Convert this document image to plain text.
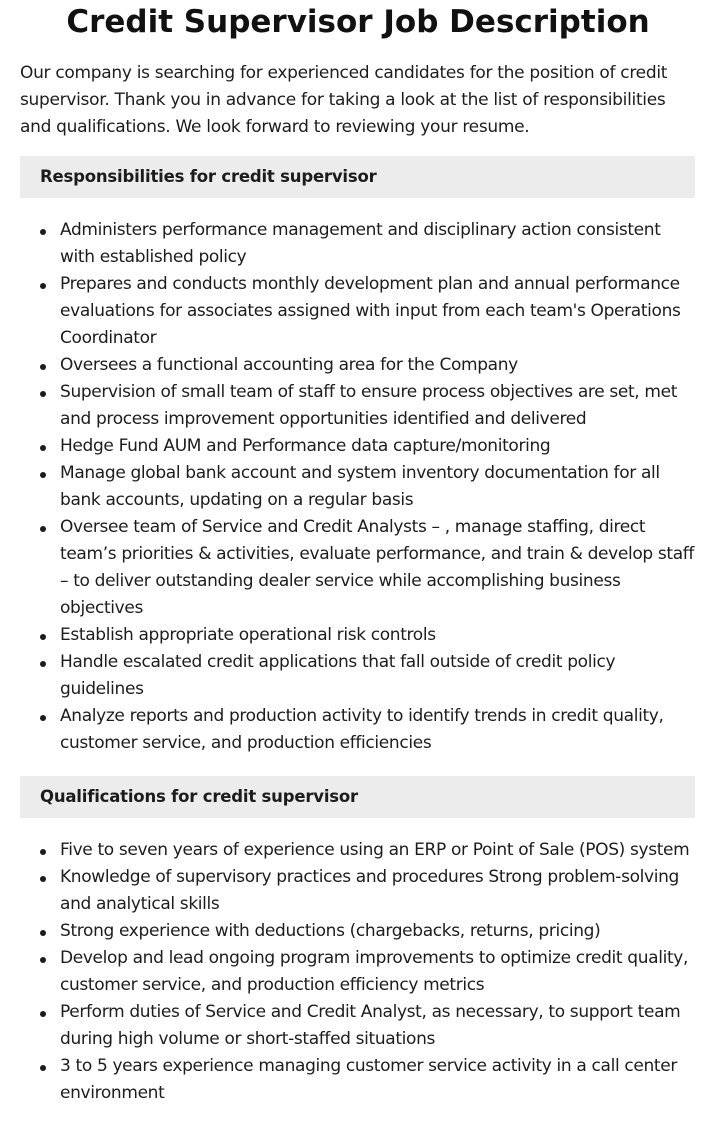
Credit Supervisor Job Description

Our company is searching for experienced candidates for the position of credit supervisor. Thank you in advance for taking a look at the list of responsibilities and qualifications. We look forward to reviewing your resume.

Responsibilities for credit supervisor
Administers performance management and disciplinary action consistent with established policy
Prepares and conducts monthly development plan and annual performance evaluations for associates assigned with input from each team's Operations Coordinator
Oversees a functional accounting area for the Company
Supervision of small team of staff to ensure process objectives are set, met and process improvement opportunities identified and delivered
Hedge Fund AUM and Performance data capture/monitoring
Manage global bank account and system inventory documentation for all bank accounts, updating on a regular basis
Oversee team of Service and Credit Analysts – , manage staffing, direct team’s priorities & activities, evaluate performance, and train & develop staff – to deliver outstanding dealer service while accomplishing business objectives
Establish appropriate operational risk controls
Handle escalated credit applications that fall outside of credit policy guidelines
Analyze reports and production activity to identify trends in credit quality, customer service, and production efficiencies
Qualifications for credit supervisor
Five to seven years of experience using an ERP or Point of Sale (POS) system
Knowledge of supervisory practices and procedures Strong problem-solving and analytical skills
Strong experience with deductions (chargebacks, returns, pricing)
Develop and lead ongoing program improvements to optimize credit quality, customer service, and production efficiency metrics
Perform duties of Service and Credit Analyst, as necessary, to support team during high volume or short-staffed situations
3 to 5 years experience managing customer service activity in a call center environment
